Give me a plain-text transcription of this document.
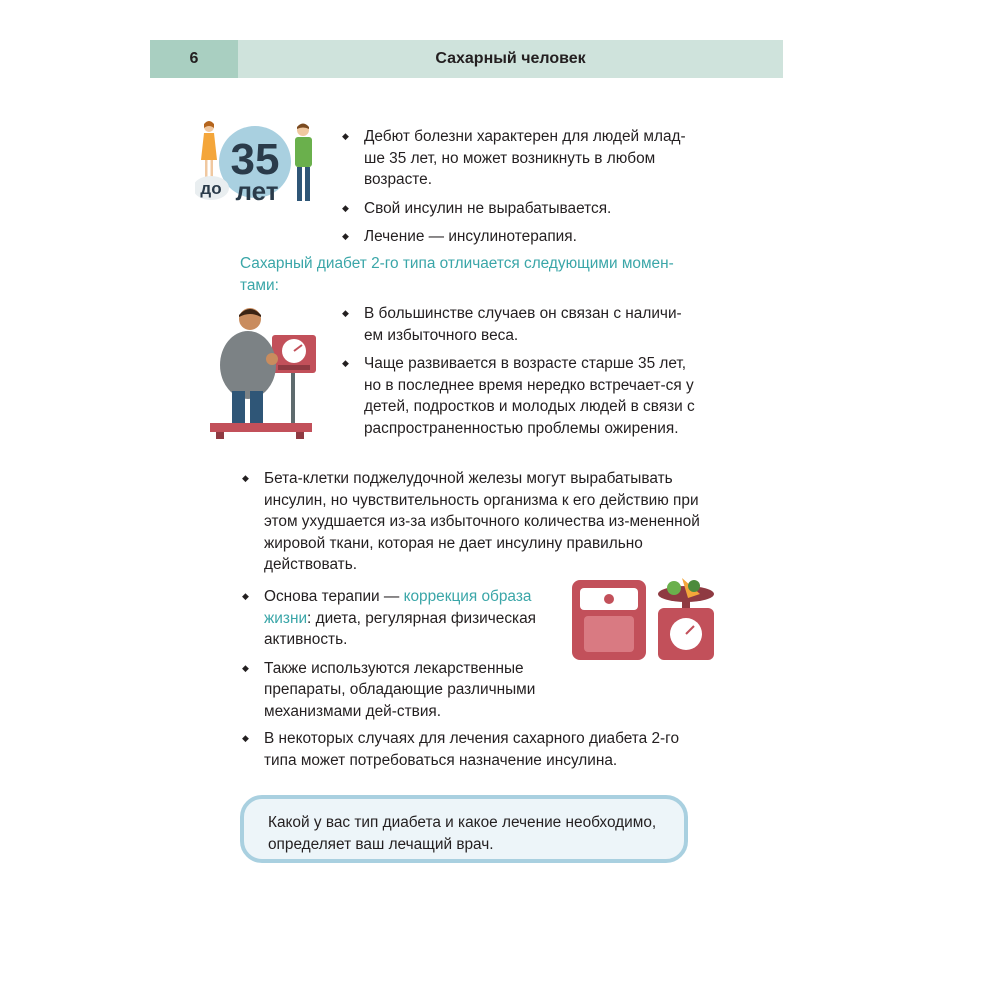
6	Сахарный человек
до
35
лет
◆ Дебют болезни характерен для людей млад-ше 35 лет, но может возникнуть в любом возрасте.
◆ Свой инсулин не вырабатывается.
◆ Лечение — инсулинотерапия.
Сахарный диабет 2-го типа отличается следующими момен-тами:
◆ В большинстве случаев он связан с наличи-ем избыточного веса.
◆ Чаще развивается в возрасте старше 35 лет, но в последнее время нередко встречает-ся у детей, подростков и молодых людей в связи с распространенностью проблемы ожирения.
◆ Бета-клетки поджелудочной железы могут вырабатывать инсулин, но чувствительность организма к его действию при этом ухудшается из-за избыточного количества из-мененной жировой ткани, которая не дает инсулину правильно действовать.
◆ Основа терапии — коррекция образа жизни: диета, регулярная физическая активность.
◆ Также используются лекарственные препараты, обладающие различными механизмами дей-ствия.
◆ В некоторых случаях для лечения сахарного диабета 2-го типа может потребоваться назначение инсулина.
Какой у вас тип диабета и какое лечение необходимо, определяет ваш лечащий врач.
